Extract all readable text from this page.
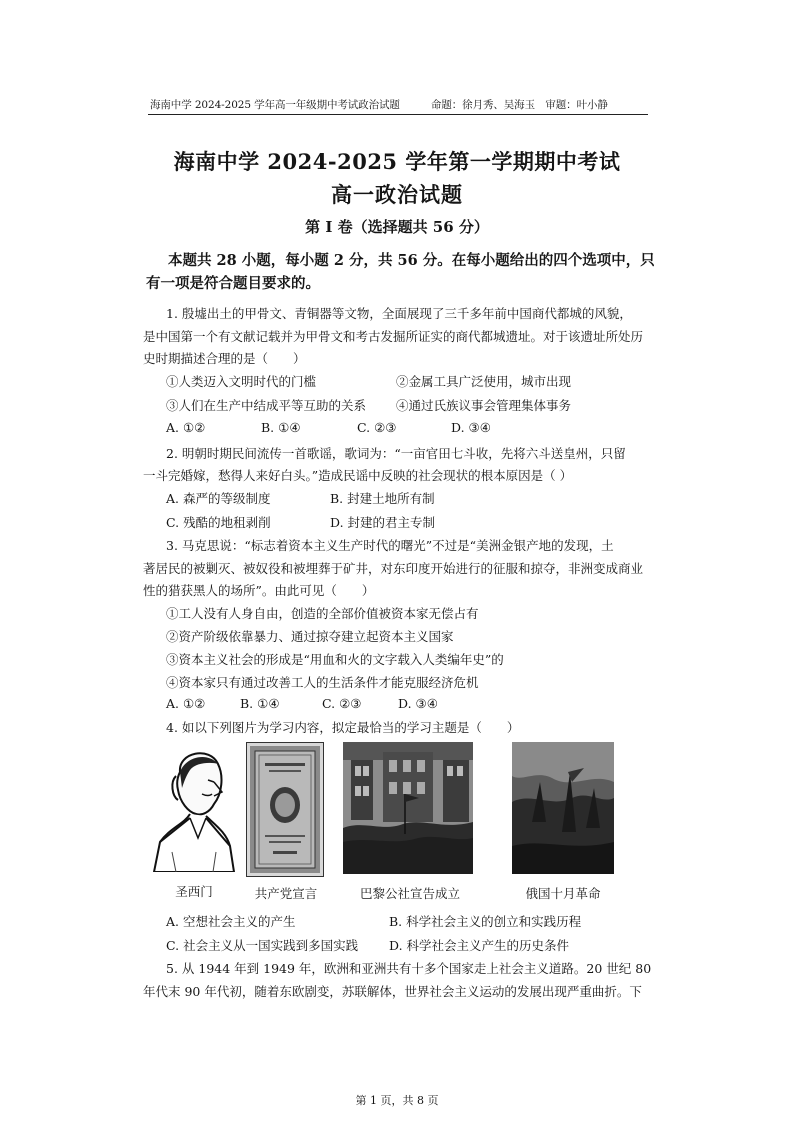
海南中学 2024-2025 学年高一年级期中考试政治试题　　　命题：徐月秀、吴海玉　审题：叶小静
海南中学 2024-2025 学年第一学期期中考试
高一政治试题
第 I 卷（选择题共 56 分）
本题共 28 小题，每小题 2 分，共 56 分。在每小题给出的四个选项中，只
有一项是符合题目要求的。
1. 殷墟出土的甲骨文、青铜器等文物，全面展现了三千多年前中国商代都城的风貌，
是中国第一个有文献记载并为甲骨文和考古发掘所证实的商代都城遗址。对于该遗址所处历
史时期描述合理的是（　　）
①人类迈入文明时代的门槛	②金属工具广泛使用，城市出现
③人们在生产中结成平等互助的关系 ④通过氏族议事会管理集体事务
A. ①②	B. ①④	C. ②③	D. ③④
2. 明朝时期民间流传一首歌谣，歌词为：“一亩官田七斗收，先将六斗送皇州，只留
一斗完婚嫁，愁得人来好白头。”造成民谣中反映的社会现状的根本原因是（ ）
A. 森严的等级制度	B. 封建土地所有制
C. 残酷的地租剥削	D. 封建的君主专制
3. 马克思说：“标志着资本主义生产时代的曙光”不过是“美洲金银产地的发现，土
著居民的被剿灭、被奴役和被埋葬于矿井，对东印度开始进行的征服和掠夺，非洲变成商业
性的猎获黑人的场所”。由此可见（　　）
①工人没有人身自由，创造的全部价值被资本家无偿占有
②资产阶级依靠暴力、通过掠夺建立起资本主义国家
③资本主义社会的形成是“用血和火的文字载入人类编年史”的
④资本家只有通过改善工人的生活条件才能克服经济危机
A. ①②	B. ①④	C. ②③	D. ③④
4. 如以下列图片为学习内容，拟定最恰当的学习主题是（　　）
圣西门	共产党宣言	巴黎公社宣告成立	俄国十月革命
A. 空想社会主义的产生	B. 科学社会主义的创立和实践历程
C. 社会主义从一国实践到多国实践 D. 科学社会主义产生的历史条件
5. 从 1944 年到 1949 年，欧洲和亚洲共有十多个国家走上社会主义道路。20 世纪 80
年代末 90 年代初，随着东欧剧变，苏联解体，世界社会主义运动的发展出现严重曲折。下
第 1 页，共 8 页
